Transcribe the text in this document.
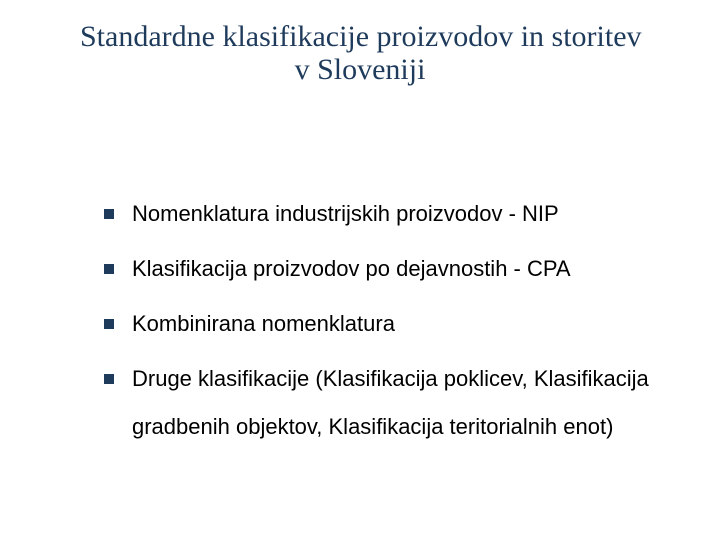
Standardne klasifikacije proizvodov in storitev
v Sloveniji
Nomenklatura industrijskih proizvodov - NIP
Klasifikacija proizvodov po dejavnostih - CPA
Kombinirana nomenklatura
Druge klasifikacije (Klasifikacija poklicev, Klasifikacija
gradbenih objektov, Klasifikacija teritorialnih enot)
